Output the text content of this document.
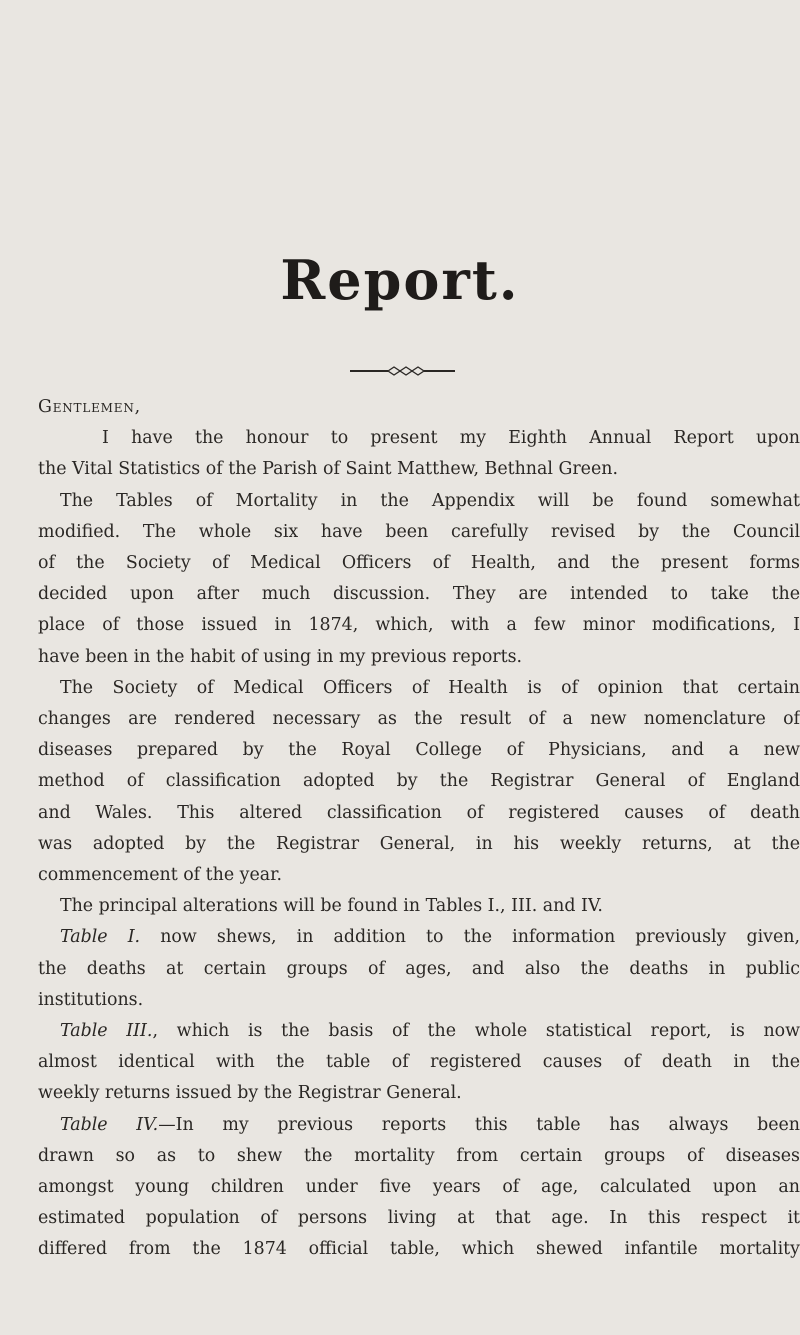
Report.
Gentlemen,
I have the honour to present my Eighth Annual Report upon
the Vital Statistics of the Parish of Saint Matthew, Bethnal Green.
The Tables of Mortality in the Appendix will be found somewhat
modified. The whole six have been carefully revised by the Council
of the Society of Medical Officers of Health, and the present forms
decided upon after much discussion. They are intended to take the
place of those issued in 1874, which, with a few minor modifications, I
have been in the habit of using in my previous reports.
The Society of Medical Officers of Health is of opinion that certain
changes are rendered necessary as the result of a new nomenclature of
diseases prepared by the Royal College of Physicians, and a new
method of classification adopted by the Registrar General of England
and Wales. This altered classification of registered causes of death
was adopted by the Registrar General, in his weekly returns, at the
commencement of the year.
The principal alterations will be found in Tables I., III. and IV.
Table I. now shews, in addition to the information previously given,
the deaths at certain groups of ages, and also the deaths in public
institutions.
Table III., which is the basis of the whole statistical report, is now
almost identical with the table of registered causes of death in the
weekly returns issued by the Registrar General.
Table IV.—In my previous reports this table has always been
drawn so as to shew the mortality from certain groups of diseases
amongst young children under five years of age, calculated upon an
estimated population of persons living at that age. In this respect it
differed from the 1874 official table, which shewed infantile mortality
